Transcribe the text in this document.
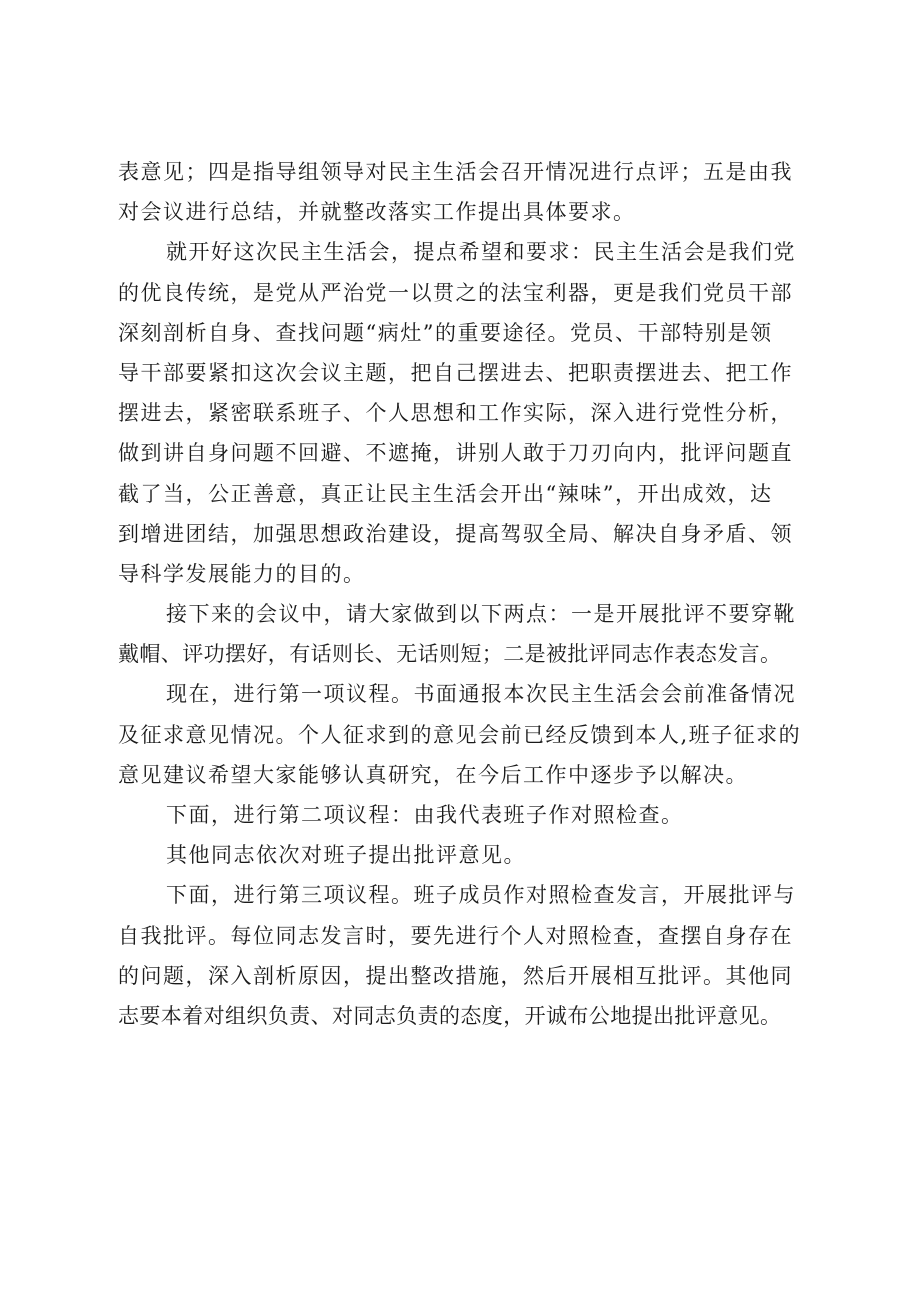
表意见；四是指导组领导对民主生活会召开情况进行点评；五是由我
对会议进行总结，并就整改落实工作提出具体要求。
就开好这次民主生活会，提点希望和要求：民主生活会是我们党
的优良传统，是党从严治党一以贯之的法宝利器，更是我们党员干部
深刻剖析自身、查找问题“病灶”的重要途径。党员、干部特别是领
导干部要紧扣这次会议主题，把自己摆进去、把职责摆进去、把工作
摆进去，紧密联系班子、个人思想和工作实际，深入进行党性分析，
做到讲自身问题不回避、不遮掩，讲别人敢于刀刃向内，批评问题直
截了当，公正善意，真正让民主生活会开出“辣味”，开出成效，达
到增进团结，加强思想政治建设，提高驾驭全局、解决自身矛盾、领
导科学发展能力的目的。
接下来的会议中，请大家做到以下两点：一是开展批评不要穿靴
戴帽、评功摆好，有话则长、无话则短；二是被批评同志作表态发言。
现在，进行第一项议程。书面通报本次民主生活会会前准备情况
及征求意见情况。个人征求到的意见会前已经反馈到本人,班子征求的
意见建议希望大家能够认真研究，在今后工作中逐步予以解决。
下面，进行第二项议程：由我代表班子作对照检查。
其他同志依次对班子提出批评意见。
下面，进行第三项议程。班子成员作对照检查发言，开展批评与
自我批评。每位同志发言时，要先进行个人对照检查，查摆自身存在
的问题，深入剖析原因，提出整改措施，然后开展相互批评。其他同
志要本着对组织负责、对同志负责的态度，开诚布公地提出批评意见。
